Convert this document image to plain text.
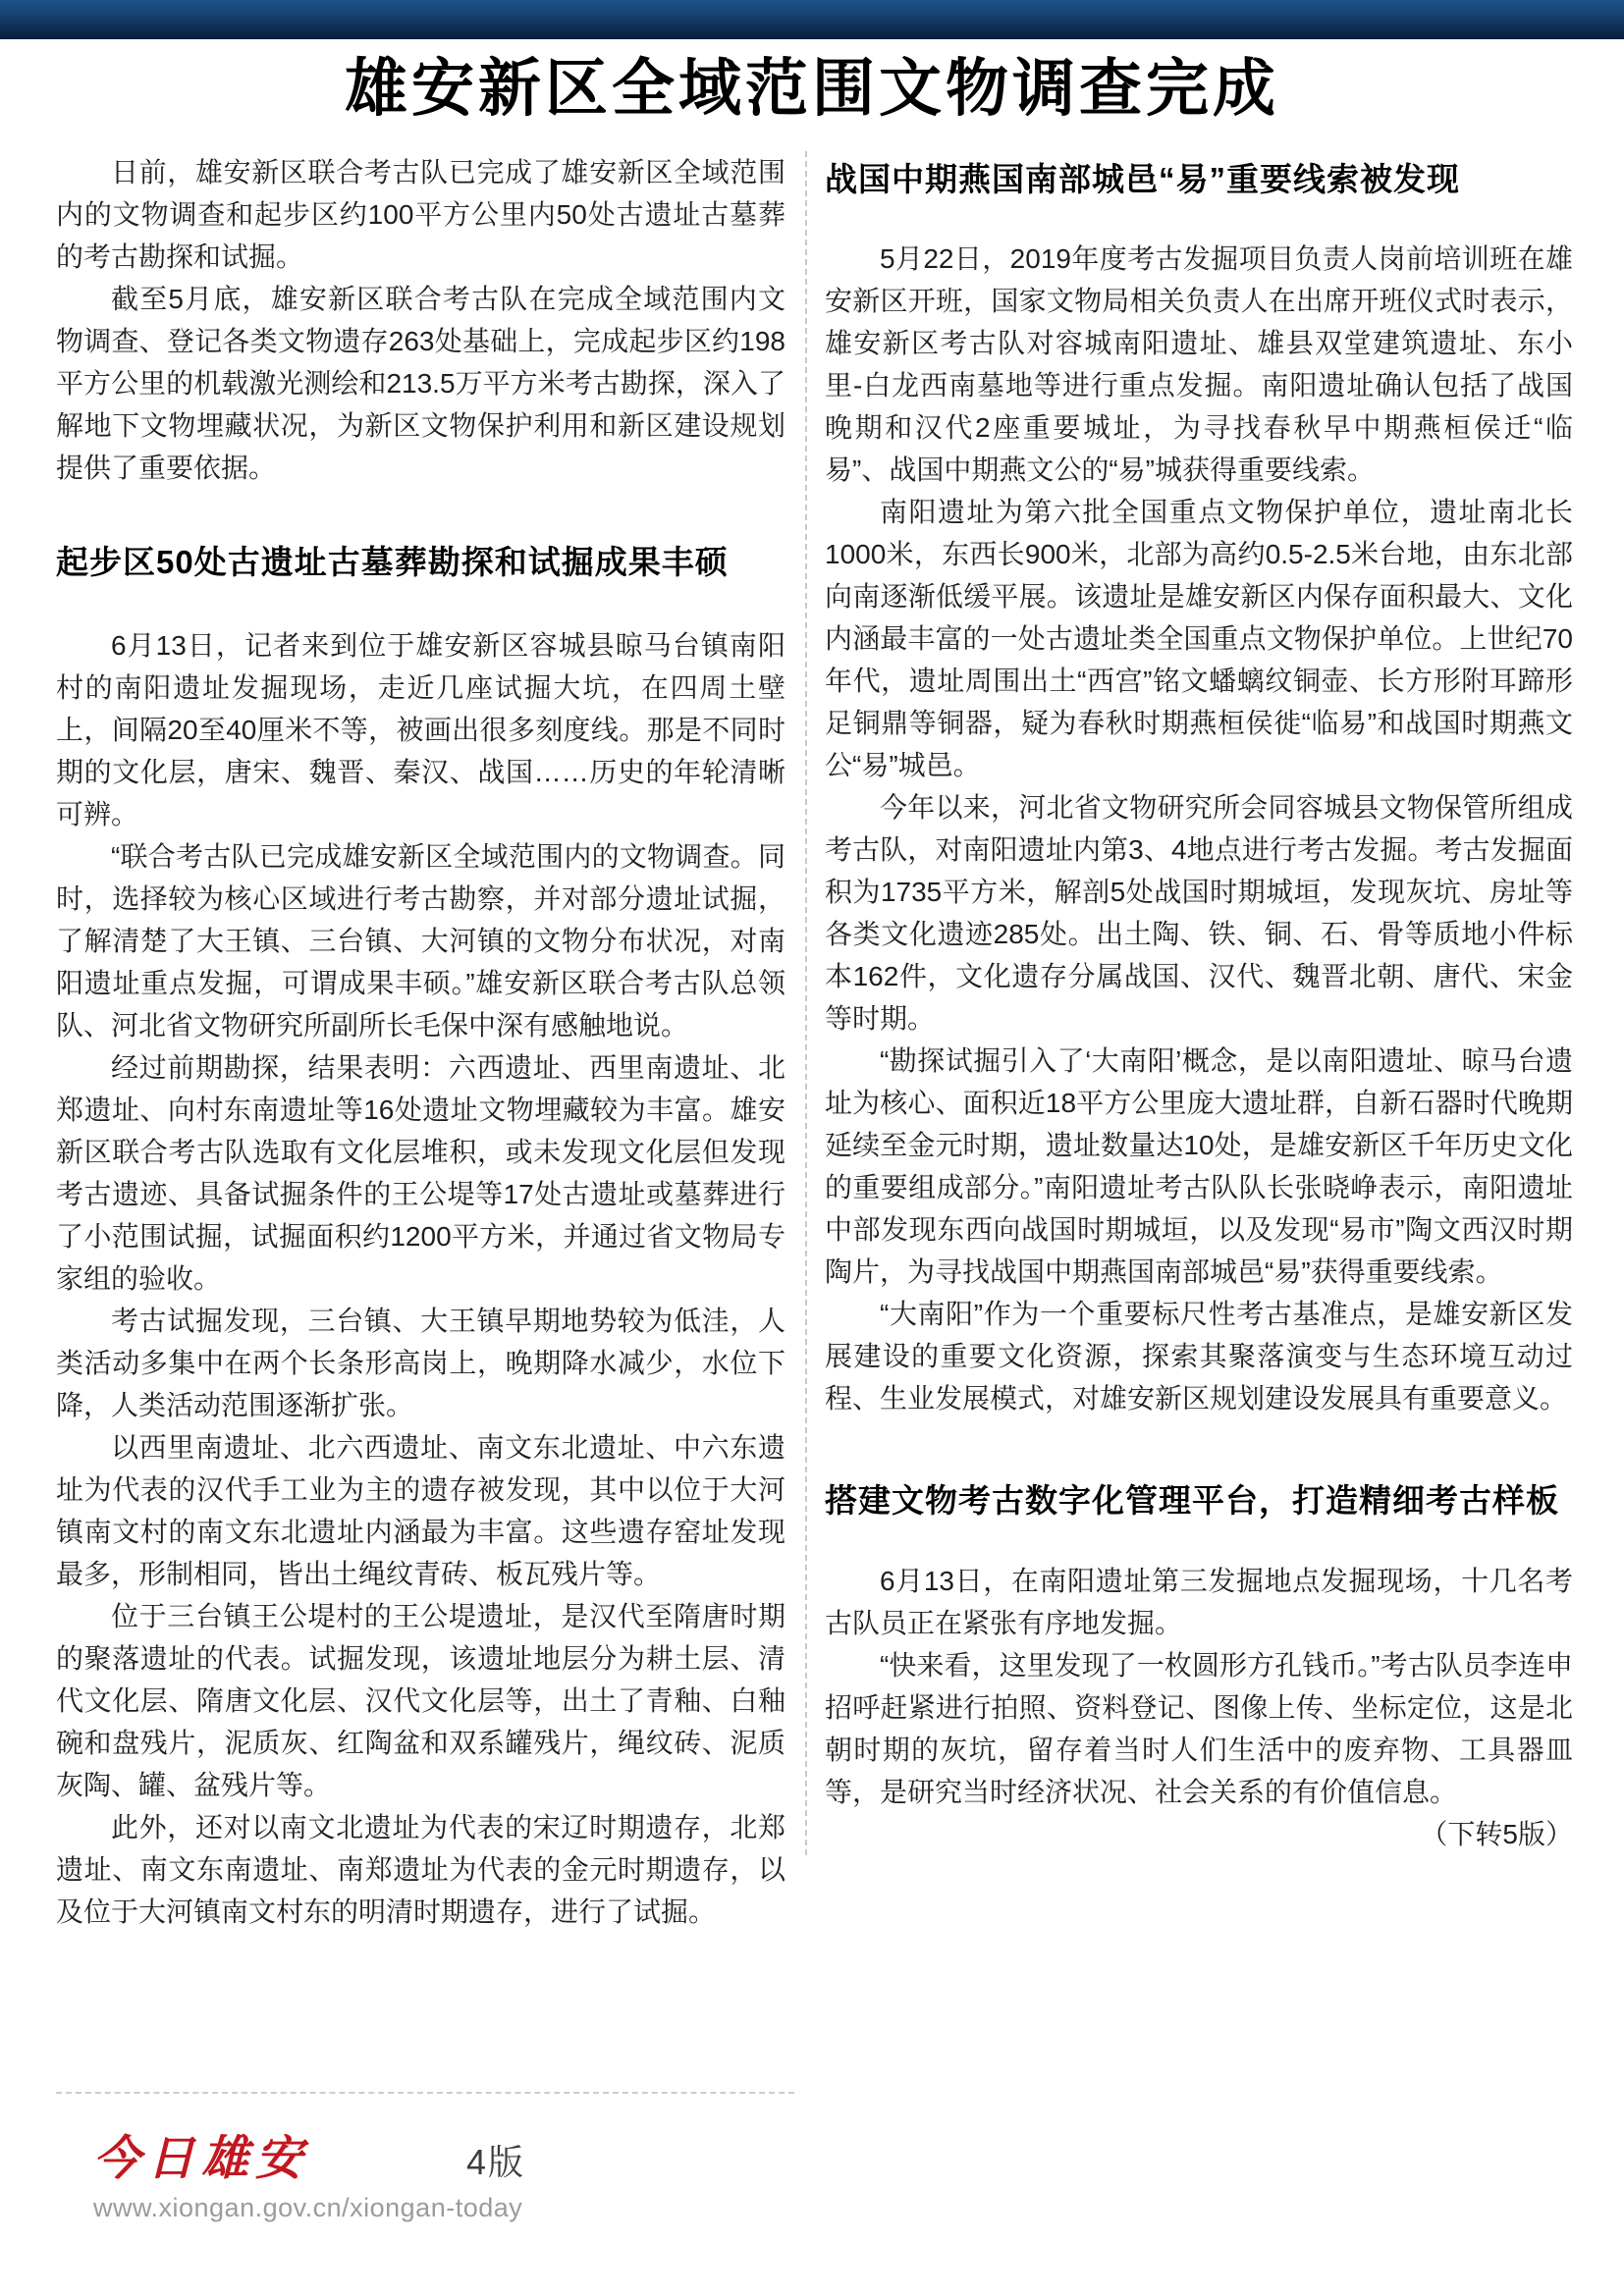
雄安新区全域范围文物调查完成

日前，雄安新区联合考古队已完成了雄安新区全域范围内的文物调查和起步区约100平方公里内50处古遗址古墓葬的考古勘探和试掘。

截至5月底，雄安新区联合考古队在完成全域范围内文物调查、登记各类文物遗存263处基础上，完成起步区约198平方公里的机载激光测绘和213.5万平方米考古勘探，深入了解地下文物埋藏状况，为新区文物保护利用和新区建设规划提供了重要依据。

起步区50处古遗址古墓葬勘探和试掘成果丰硕

6月13日，记者来到位于雄安新区容城县晾马台镇南阳村的南阳遗址发掘现场，走近几座试掘大坑，在四周土壁上，间隔20至40厘米不等，被画出很多刻度线。那是不同时期的文化层，唐宋、魏晋、秦汉、战国……历史的年轮清晰可辨。

“联合考古队已完成雄安新区全域范围内的文物调查。同时，选择较为核心区域进行考古勘察，并对部分遗址试掘，了解清楚了大王镇、三台镇、大河镇的文物分布状况，对南阳遗址重点发掘，可谓成果丰硕。”雄安新区联合考古队总领队、河北省文物研究所副所长毛保中深有感触地说。

经过前期勘探，结果表明：六西遗址、西里南遗址、北郑遗址、向村东南遗址等16处遗址文物埋藏较为丰富。雄安新区联合考古队选取有文化层堆积，或未发现文化层但发现考古遗迹、具备试掘条件的王公堤等17处古遗址或墓葬进行了小范围试掘，试掘面积约1200平方米，并通过省文物局专家组的验收。

考古试掘发现，三台镇、大王镇早期地势较为低洼，人类活动多集中在两个长条形高岗上，晚期降水减少，水位下降，人类活动范围逐渐扩张。

以西里南遗址、北六西遗址、南文东北遗址、中六东遗址为代表的汉代手工业为主的遗存被发现，其中以位于大河镇南文村的南文东北遗址内涵最为丰富。这些遗存窑址发现最多，形制相同，皆出土绳纹青砖、板瓦残片等。

位于三台镇王公堤村的王公堤遗址，是汉代至隋唐时期的聚落遗址的代表。试掘发现，该遗址地层分为耕土层、清代文化层、隋唐文化层、汉代文化层等，出土了青釉、白釉碗和盘残片，泥质灰、红陶盆和双系罐残片，绳纹砖、泥质灰陶、罐、盆残片等。

此外，还对以南文北遗址为代表的宋辽时期遗存，北郑遗址、南文东南遗址、南郑遗址为代表的金元时期遗存，以及位于大河镇南文村东的明清时期遗存，进行了试掘。

战国中期燕国南部城邑“易”重要线索被发现

5月22日，2019年度考古发掘项目负责人岗前培训班在雄安新区开班，国家文物局相关负责人在出席开班仪式时表示，雄安新区考古队对容城南阳遗址、雄县双堂建筑遗址、东小里-白龙西南墓地等进行重点发掘。南阳遗址确认包括了战国晚期和汉代2座重要城址，为寻找春秋早中期燕桓侯迁“临易”、战国中期燕文公的“易”城获得重要线索。

南阳遗址为第六批全国重点文物保护单位，遗址南北长1000米，东西长900米，北部为高约0.5-2.5米台地，由东北部向南逐渐低缓平展。该遗址是雄安新区内保存面积最大、文化内涵最丰富的一处古遗址类全国重点文物保护单位。上世纪70年代，遗址周围出土“西宫”铭文蟠螭纹铜壶、长方形附耳蹄形足铜鼎等铜器，疑为春秋时期燕桓侯徙“临易”和战国时期燕文公“易”城邑。

今年以来，河北省文物研究所会同容城县文物保管所组成考古队，对南阳遗址内第3、4地点进行考古发掘。考古发掘面积为1735平方米，解剖5处战国时期城垣，发现灰坑、房址等各类文化遗迹285处。出土陶、铁、铜、石、骨等质地小件标本162件，文化遗存分属战国、汉代、魏晋北朝、唐代、宋金等时期。

“勘探试掘引入了‘大南阳’概念，是以南阳遗址、晾马台遗址为核心、面积近18平方公里庞大遗址群，自新石器时代晚期延续至金元时期，遗址数量达10处，是雄安新区千年历史文化的重要组成部分。”南阳遗址考古队队长张晓峥表示，南阳遗址中部发现东西向战国时期城垣，以及发现“易市”陶文西汉时期陶片，为寻找战国中期燕国南部城邑“易”获得重要线索。

“大南阳”作为一个重要标尺性考古基准点，是雄安新区发展建设的重要文化资源，探索其聚落演变与生态环境互动过程、生业发展模式，对雄安新区规划建设发展具有重要意义。

搭建文物考古数字化管理平台，打造精细考古样板

6月13日，在南阳遗址第三发掘地点发掘现场，十几名考古队员正在紧张有序地发掘。

“快来看，这里发现了一枚圆形方孔钱币。”考古队员李连申招呼赶紧进行拍照、资料登记、图像上传、坐标定位，这是北朝时期的灰坑，留存着当时人们生活中的废弃物、工具器皿等，是研究当时经济状况、社会关系的有价值信息。
（下转5版）

今日雄安	4版
www.xiongan.gov.cn/xiongan-today
